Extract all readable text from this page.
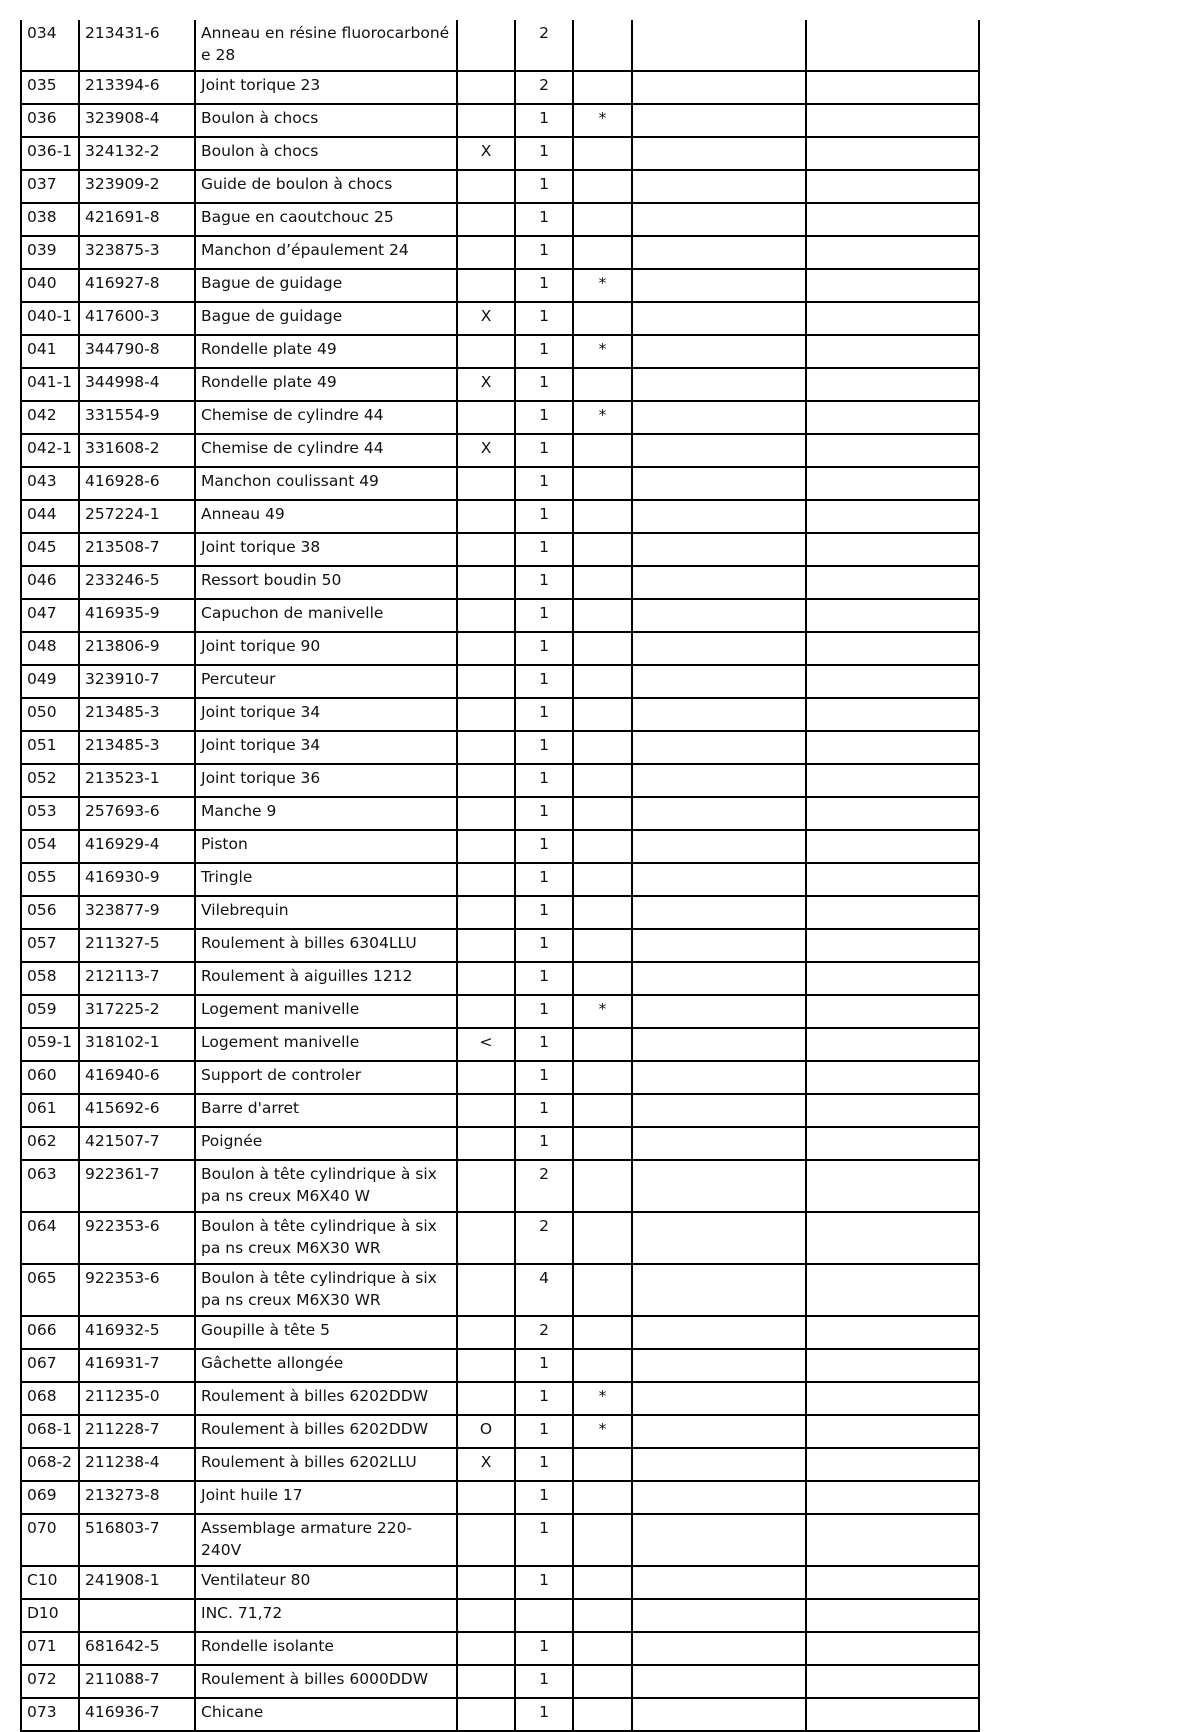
034	213431-6	Anneau en résine fluorocarboné e 28		2			
035	213394-6	Joint torique 23		2			
036	323908-4	Boulon à chocs		1	*		
036-1	324132-2	Boulon à chocs	X	1			
037	323909-2	Guide de boulon à chocs		1			
038	421691-8	Bague en caoutchouc 25		1			
039	323875-3	Manchon d’épaulement 24		1			
040	416927-8	Bague de guidage		1	*		
040-1	417600-3	Bague de guidage	X	1			
041	344790-8	Rondelle plate 49		1	*		
041-1	344998-4	Rondelle plate 49	X	1			
042	331554-9	Chemise de cylindre 44		1	*		
042-1	331608-2	Chemise de cylindre 44	X	1			
043	416928-6	Manchon coulissant 49		1			
044	257224-1	Anneau 49		1			
045	213508-7	Joint torique 38		1			
046	233246-5	Ressort boudin 50		1			
047	416935-9	Capuchon de manivelle		1			
048	213806-9	Joint torique 90		1			
049	323910-7	Percuteur		1			
050	213485-3	Joint torique 34		1			
051	213485-3	Joint torique 34		1			
052	213523-1	Joint torique 36		1			
053	257693-6	Manche 9		1			
054	416929-4	Piston		1			
055	416930-9	Tringle		1			
056	323877-9	Vilebrequin		1			
057	211327-5	Roulement à billes 6304LLU		1			
058	212113-7	Roulement à aiguilles 1212		1			
059	317225-2	Logement manivelle		1	*		
059-1	318102-1	Logement manivelle	<	1			
060	416940-6	Support de controler		1			
061	415692-6	Barre d'arret		1			
062	421507-7	Poignée		1			
063	922361-7	Boulon à tête cylindrique à six pa ns creux M6X40 W		2			
064	922353-6	Boulon à tête cylindrique à six pa ns creux M6X30 WR		2			
065	922353-6	Boulon à tête cylindrique à six pa ns creux M6X30 WR		4			
066	416932-5	Goupille à tête 5		2			
067	416931-7	Gâchette allongée		1			
068	211235-0	Roulement à billes 6202DDW		1	*		
068-1	211228-7	Roulement à billes 6202DDW	O	1	*		
068-2	211238-4	Roulement à billes 6202LLU	X	1			
069	213273-8	Joint huile 17		1			
070	516803-7	Assemblage armature 220-240V		1			
C10	241908-1	Ventilateur 80		1			
D10		INC. 71,72					
071	681642-5	Rondelle isolante		1			
072	211088-7	Roulement à billes 6000DDW		1			
073	416936-7	Chicane		1			
